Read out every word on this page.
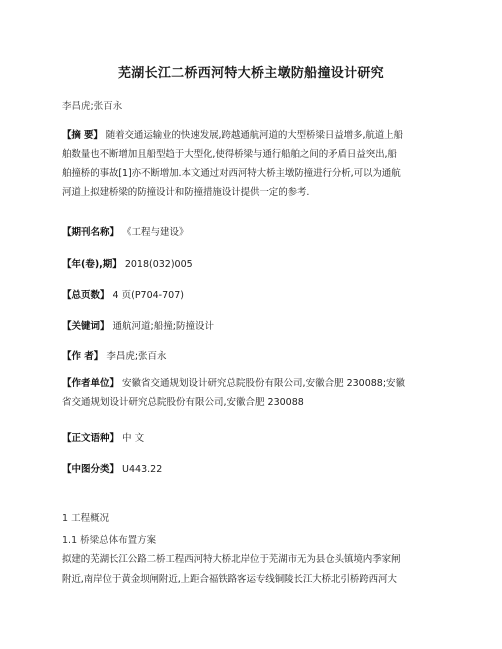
芜湖长江二桥西河特大桥主墩防船撞设计研究
李昌虎;张百永
【摘 要】 随着交通运输业的快速发展,跨越通航河道的大型桥梁日益增多,航道上船
舶数量也不断增加且船型趋于大型化,使得桥梁与通行船舶之间的矛盾日益突出,船
舶撞桥的事故[1]亦不断增加.本文通过对西河特大桥主墩防撞进行分析,可以为通航
河道上拟建桥梁的防撞设计和防撞措施设计提供一定的参考.
【期刊名称】 《工程与建设》
【年(卷),期】 2018(032)005
【总页数】 4 页(P704-707)
【关键词】 通航河道;船撞;防撞设计
【作 者】 李昌虎;张百永
【作者单位】 安徽省交通规划设计研究总院股份有限公司,安徽合肥 230088;安徽
省交通规划设计研究总院股份有限公司,安徽合肥 230088
【正文语种】 中 文
【中图分类】 U443.22
1 工程概况
1.1 桥梁总体布置方案
拟建的芜湖长江公路二桥工程西河特大桥北岸位于芜湖市无为县仓头镇境内季家闸
附近,南岸位于黄金坝闸附近,上距合福铁路客运专线铜陵长江大桥北引桥跨西河大
